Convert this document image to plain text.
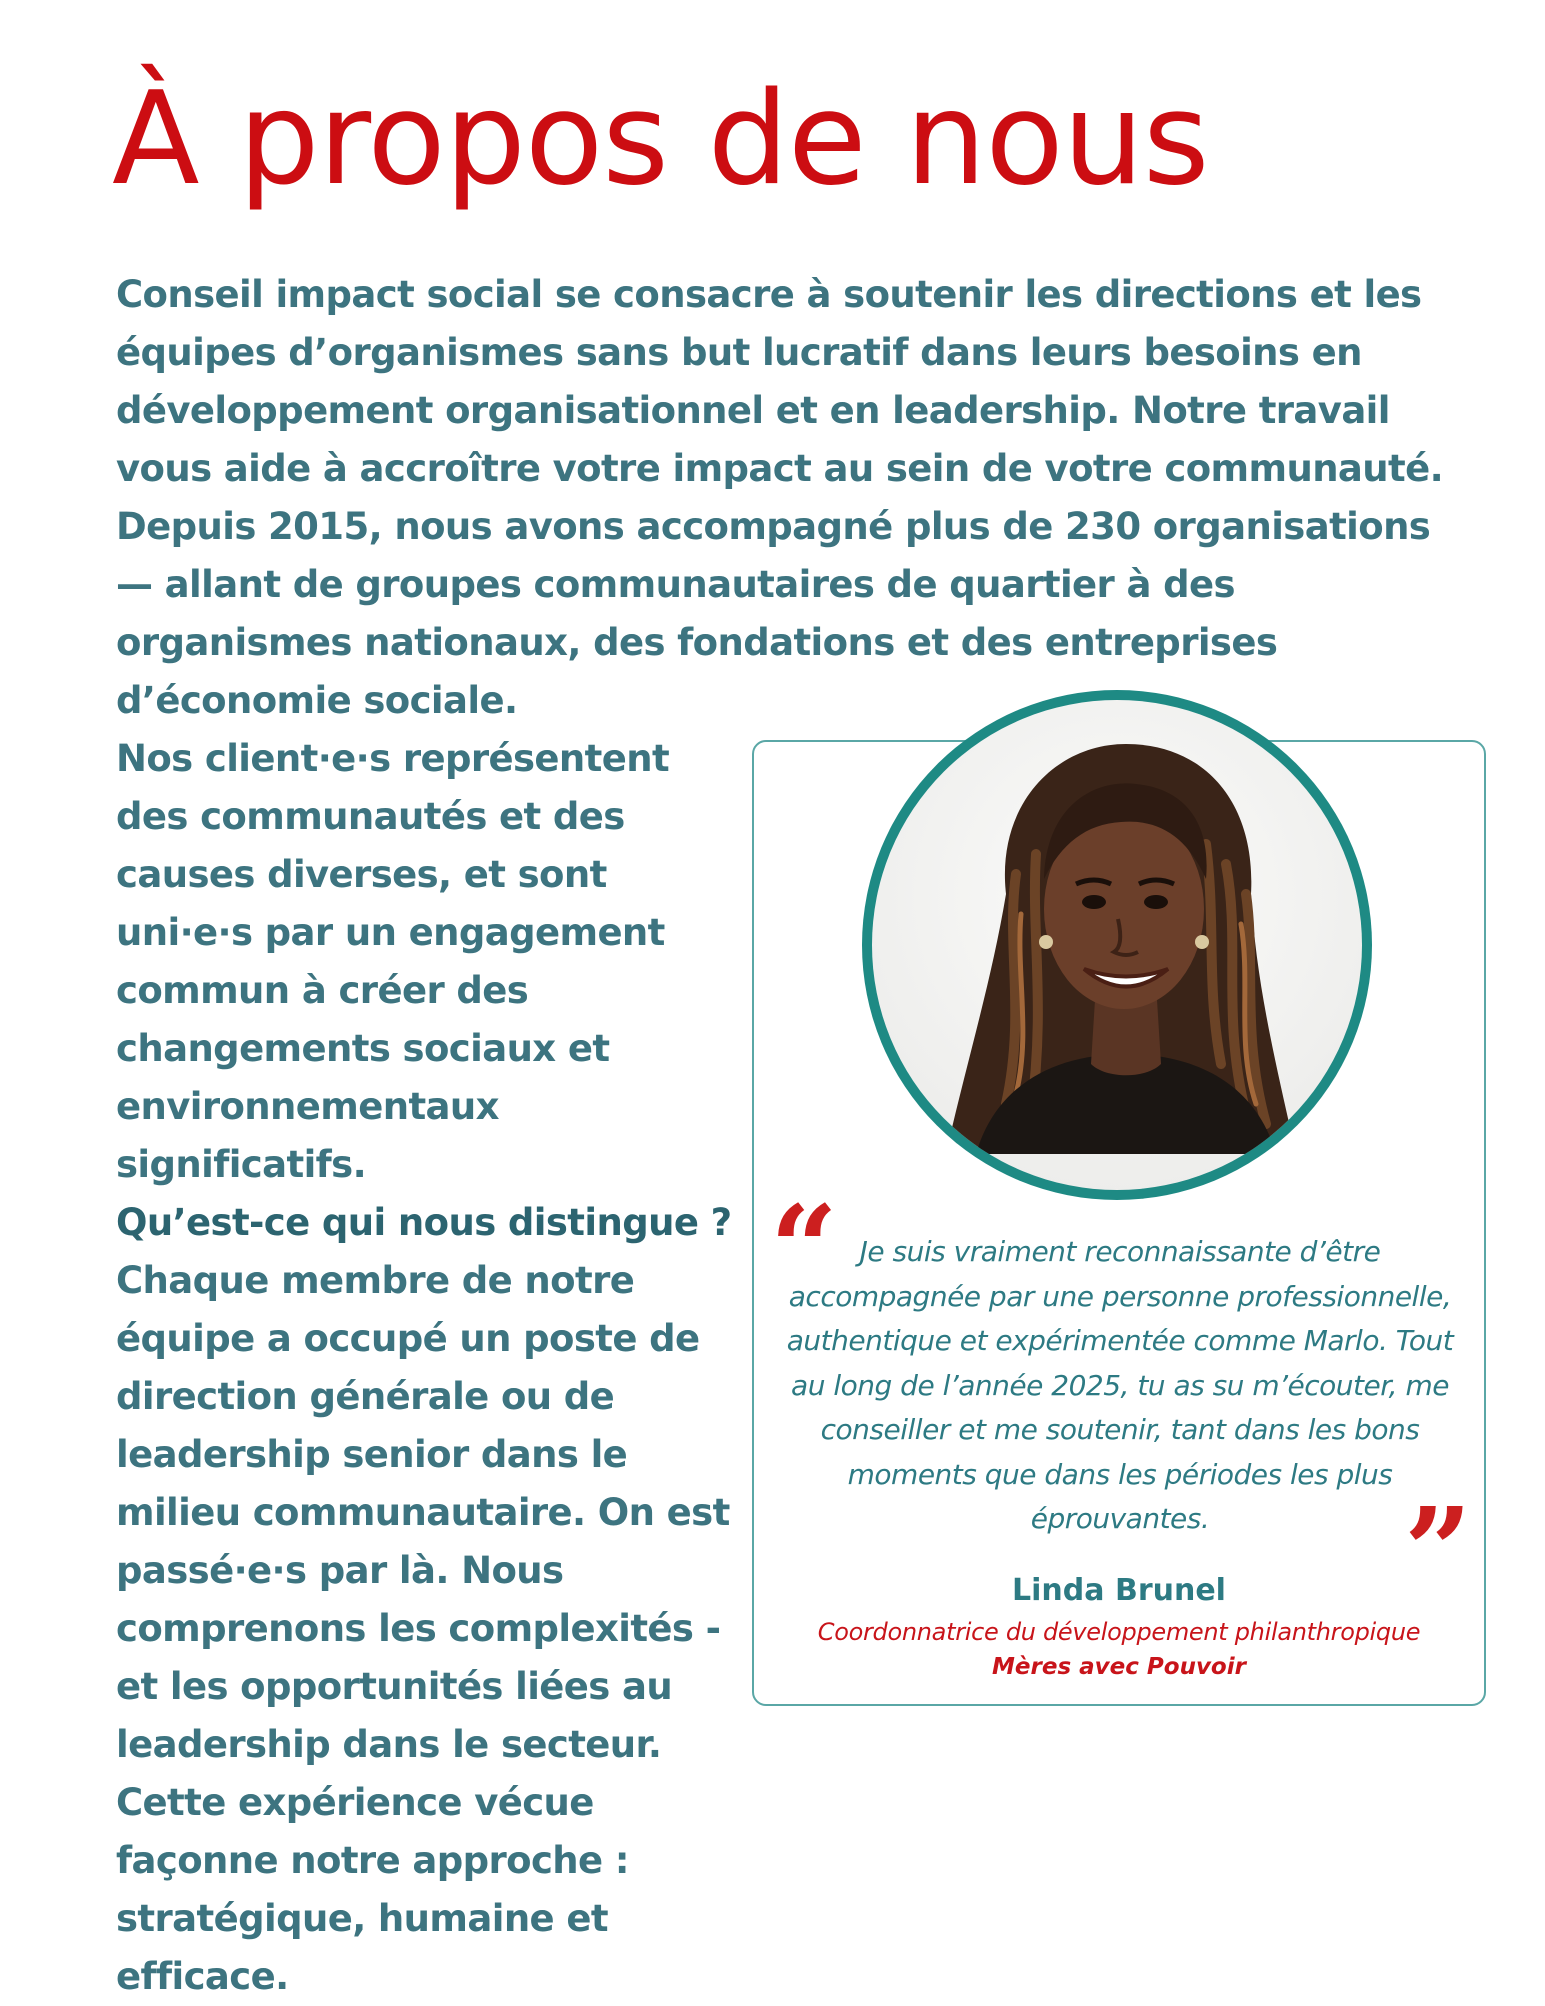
À propos de nous

Conseil impact social se consacre à soutenir les directions et les équipes d’organismes sans but lucratif dans leurs besoins en développement organisationnel et en leadership. Notre travail vous aide à accroître votre impact au sein de votre communauté. Depuis 2015, nous avons accompagné plus de 230 organisations — allant de groupes communautaires de quartier à des organismes nationaux, des fondations et des entreprises d’économie sociale.

Nos client·e·s représentent des communautés et des causes diverses, et sont uni·e·s par un engagement commun à créer des changements sociaux et environnementaux significatifs.

Qu’est-ce qui nous distingue ?

Chaque membre de notre équipe a occupé un poste de direction générale ou de leadership senior dans le milieu communautaire. On est passé·e·s par là. Nous comprenons les complexités - et les opportunités liées au leadership dans le secteur. Cette expérience vécue façonne notre approche : stratégique, humaine et efficace.

“ Je suis vraiment reconnaissante d’être accompagnée par une personne professionnelle, authentique et expérimentée comme Marlo. Tout au long de l’année 2025, tu as su m’écouter, me conseiller et me soutenir, tant dans les bons moments que dans les périodes les plus éprouvantes.	”
Linda Brunel
Coordonnatrice du développement philanthropique
Mères avec Pouvoir
